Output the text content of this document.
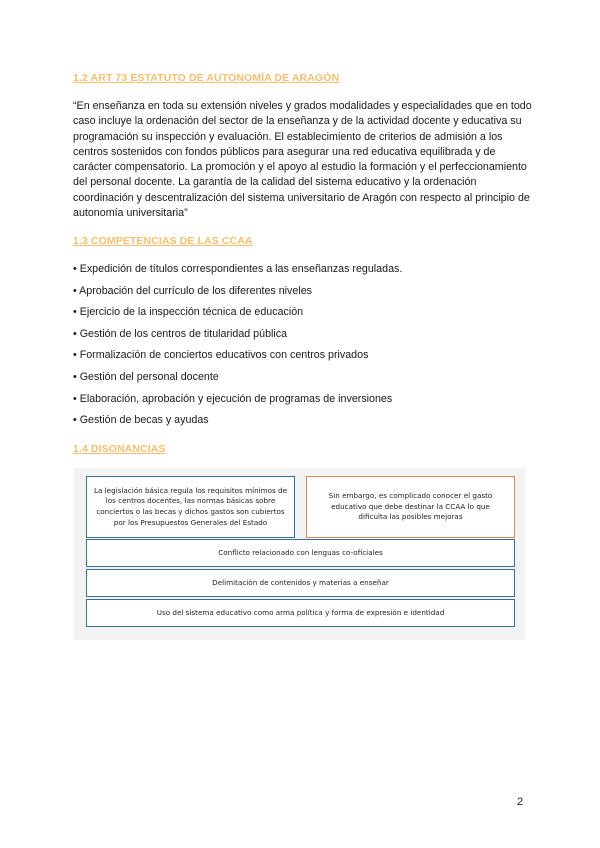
1.2 ART 73 ESTATUTO DE AUTONOMÍA DE ARAGÓN
“En enseñanza en toda su extensión niveles y grados modalidades y especialidades que en todo caso incluye la ordenación del sector de la enseñanza y de la actividad docente y educativa su programación su inspección y evaluación. El establecimiento de criterios de admisión a los centros sostenidos con fondos públicos para asegurar una red educativa equilibrada y de carácter compensatorio. La promoción y el apoyo al estudio la formación y el perfeccionamiento del personal docente. La garantía de la calidad del sistema educativo y la ordenación coordinación y descentralización del sistema universitario de Aragón con respecto al principio de autonomía universitaria”
1.3 COMPETENCIAS DE LAS CCAA
• Expedición de títulos correspondientes a las enseñanzas reguladas.
• Aprobación del currículo de los diferentes niveles
• Ejercicio de la inspección técnica de educación
• Gestión de los centros de titularidad pública
• Formalización de conciertos educativos con centros privados
• Gestión del personal docente
• Elaboración, aprobación y ejecución de programas de inversiones
• Gestión de becas y ayudas
1.4 DISONANCIAS
La legislación básica regula los requisitos mínimos de los centros docentes, las normas básicas sobre conciertos o las becas y dichos gastos son cubiertos por los Presupuestos Generales del Estado
Sin embargo, es complicado conocer el gasto educativo que debe destinar la CCAA lo que dificulta las posibles mejoras
Conflicto relacionado con lenguas co-oficiales
Delimitación de contenidos y materias a enseñar
Uso del sistema educativo como arma política y forma de expresión e identidad
2
